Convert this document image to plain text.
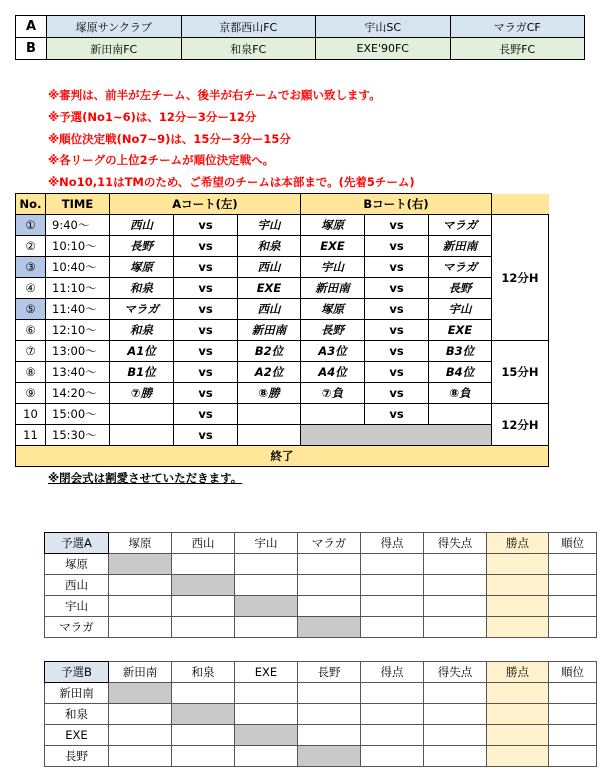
A	塚原サンクラブ	京都西山FC	宇山SC	マラガCF
B	新田南FC	和泉FC	EXE'90FC	長野FC
※審判は、前半が左チーム、後半が右チームでお願い致します。
※予選(No1~6)は、12分ー3分ー12分
※順位決定戦(No7~9)は、15分ー3分ー15分
※各リーグの上位2チームが順位決定戦へ。
※No10,11はTMのため、ご希望のチームは本部まで。(先着5チーム)
No.	TIME	Aコート(左)			Bコート(右)			
①	9:40～	西山	vs	宇山	塚原	vs	マラガ	12分H
②	10:10～	長野	vs	和泉	EXE	vs	新田南	
③	10:40～	塚原	vs	西山	宇山	vs	マラガ	
④	11:10～	和泉	vs	EXE	新田南	vs	長野	
⑤	11:40～	マラガ	vs	西山	塚原	vs	宇山	
⑥	12:10～	和泉	vs	新田南	長野	vs	EXE	
⑦	13:00～	A1位	vs	B2位	A3位	vs	B3位	15分H
⑧	13:40～	B1位	vs	A2位	A4位	vs	B4位	
⑨	14:20～	⑦勝	vs	⑧勝	⑦負	vs	⑧負	
10	15:00～		vs			vs		12分H
11	15:30～		vs					
終了								

※閉会式は割愛させていただきます。

予選A	塚原	西山	宇山	マラガ	得点	得失点	勝点	順位
塚原								
西山								
宇山								
マラガ								
予選B	新田南	和泉	EXE	長野	得点	得失点	勝点	順位
新田南								
和泉								
EXE								
長野								
